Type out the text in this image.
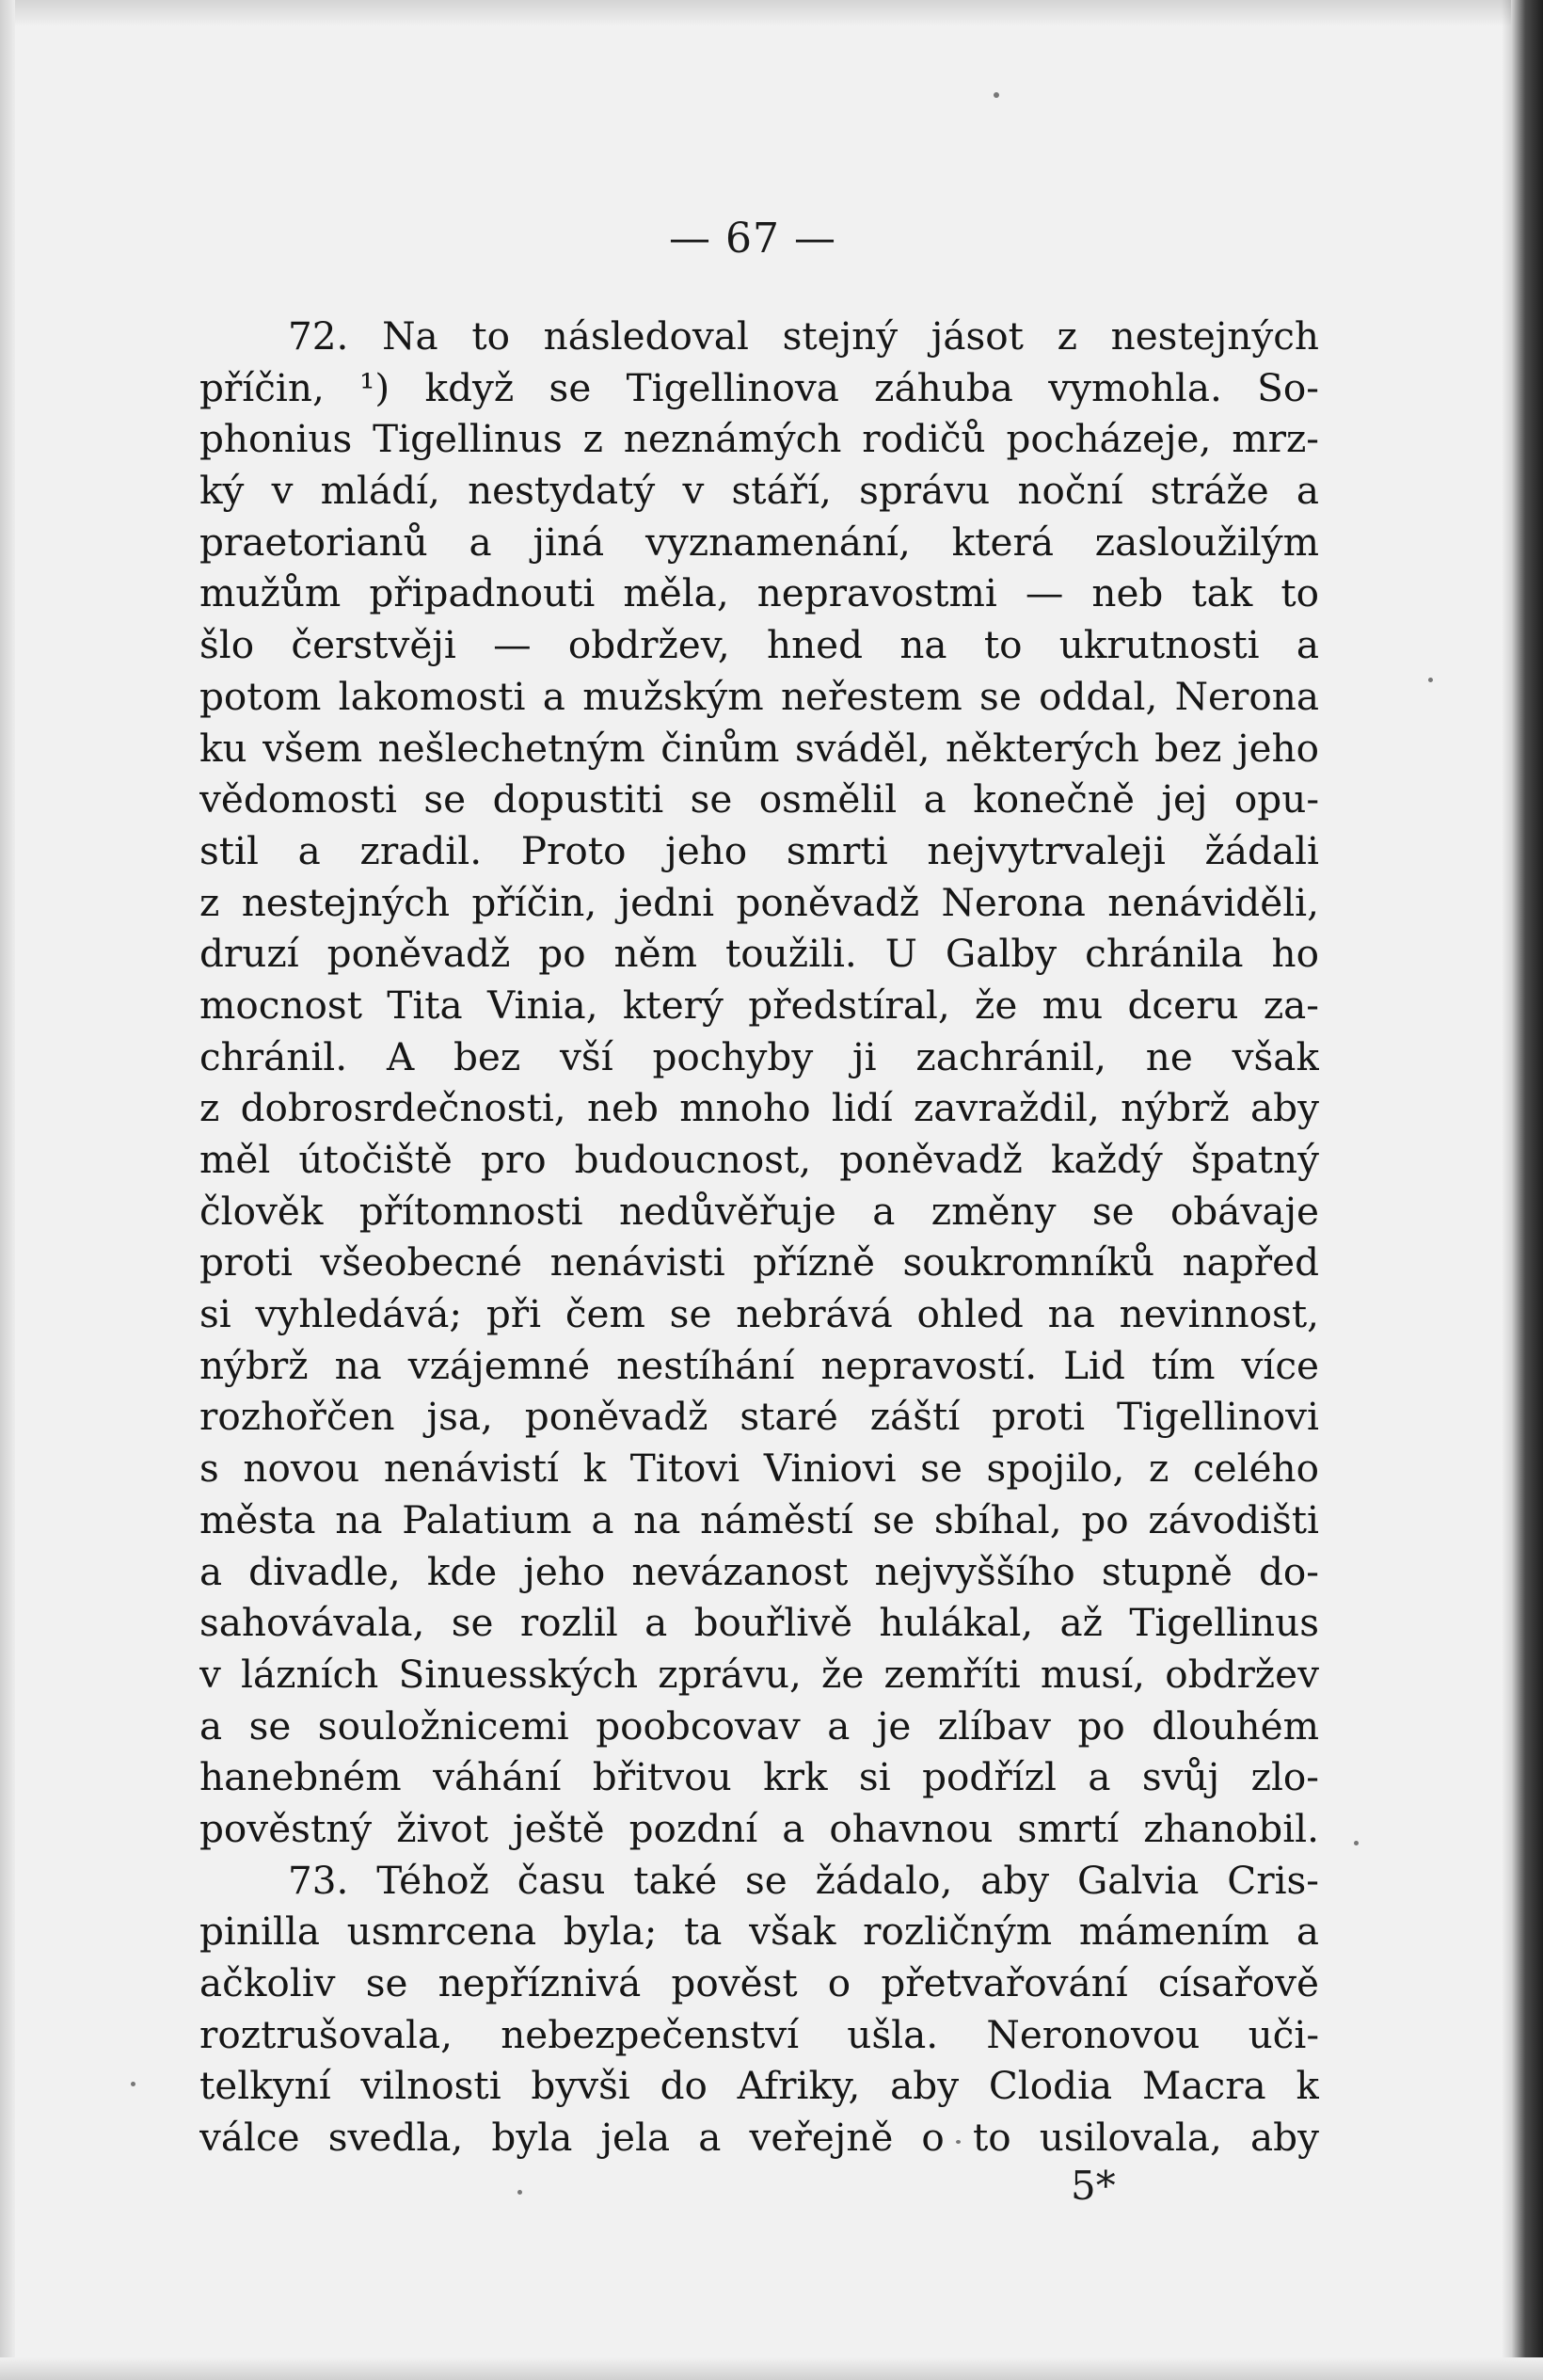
— 67 —
72. Na to následoval stejný jásot z nestejných
příčin, ¹) když se Tigellinova záhuba vymohla. So-
phonius Tigellinus z neznámých rodičů pocházeje, mrz-
ký v mládí, nestydatý v stáří, správu noční stráže a
praetorianů a jiná vyznamenání, která zasloužilým
mužům připadnouti měla, nepravostmi — neb tak to
šlo čerstvěji — obdržev, hned na to ukrutnosti a
potom lakomosti a mužským neřestem se oddal, Nerona
ku všem nešlechetným činům sváděl, některých bez jeho
vědomosti se dopustiti se osmělil a konečně jej opu-
stil a zradil. Proto jeho smrti nejvytrvaleji žádali
z nestejných příčin, jedni poněvadž Nerona nenáviděli,
druzí poněvadž po něm toužili. U Galby chránila ho
mocnost Tita Vinia, který předstíral, že mu dceru za-
chránil. A bez vší pochyby ji zachránil, ne však
z dobrosrdečnosti, neb mnoho lidí zavraždil, nýbrž aby
měl útočiště pro budoucnost, poněvadž každý špatný
člověk přítomnosti nedůvěřuje a změny se obávaje
proti všeobecné nenávisti přízně soukromníků napřed
si vyhledává; při čem se nebrává ohled na nevinnost,
nýbrž na vzájemné nestíhání nepravostí. Lid tím více
rozhořčen jsa, poněvadž staré záští proti Tigellinovi
s novou nenávistí k Titovi Viniovi se spojilo, z celého
města na Palatium a na náměstí se sbíhal, po závodišti
a divadle, kde jeho nevázanost nejvyššího stupně do-
sahovávala, se rozlil a bouřlivě hulákal, až Tigellinus
v lázních Sinuesských zprávu, že zemříti musí, obdržev
a se souložnicemi poobcovav a je zlíbav po dlouhém
hanebném váhání břitvou krk si podřízl a svůj zlo-
pověstný život ještě pozdní a ohavnou smrtí zhanobil.
73. Téhož času také se žádalo, aby Galvia Cris-
pinilla usmrcena byla; ta však rozličným mámením a
ačkoliv se nepříznivá pověst o přetvařování císařově
roztrušovala, nebezpečenství ušla. Neronovou uči-
telkyní vilnosti byvši do Afriky, aby Clodia Macra k
válce svedla, byla jela a veřejně o to usilovala, aby
5*
